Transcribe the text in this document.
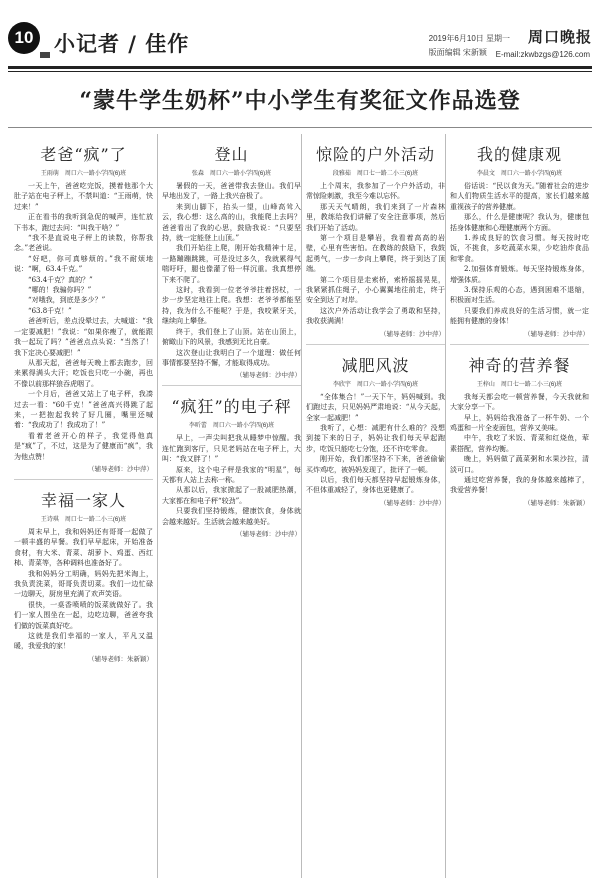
10 小记者 / 佳作	2019年6月10日 星期一
版面编辑 宋新颖
周口晚报
E-mail:zkwbzgs@126.com
“蒙牛学生奶杯”中小学生有奖征文作品选登
老爸“疯”了
王雨萌　周口六一路小学四(6)班

一天上午，爸爸吃完饭，摸着他那个大肚子站在电子秤上，不禁叫道：“王雨萌，快过来！”

正在看书的我听到急促的喊声，连忙放下书本，跑过去问：“叫我干啥？”

“我不是直说电子秤上的读数，你帮我念。”老爸说。

“好吧，你可真够烦的。”我不耐烦地说：“啊，63.4千克。”

“63.4千克？真的？”

“哪的！我骗你吗？”

“对哦我，到底是多少？”

“63.8千克！”

爸爸听后，差点没晕过去，大喊道：“我一定要减肥！”我说：“如果你瘦了，就能跟我一起玩了吗？”爸爸点点头说：“当然了！我下定决心要减肥！”

从那天起，爸爸每天晚上都去跑步，回来累得满头大汗；吃饭也只吃一小碗，再也不像以前那样狼吞虎咽了。

一个月后，爸爸又站上了电子秤，我凑过去一看：“60千克！”爸爸高兴得跳了起来，一把抱起我转了好几圈，嘴里还喊着：“我成功了！我成功了！”

看着老爸开心的样子，我觉得他真是“疯”了，不过，这是为了健康而“疯”，我为他点赞！

（辅导老师：沙中萍）
幸福一家人
王诗琪　周口七一路二小三(6)班

周末早上，我和妈妈还有哥哥一起做了一顿丰盛的早餐。我们早早起床，开始准备食材，有大米、青菜、胡萝卜、鸡蛋、西红柿、青菜等，各种调料也准备好了。

我和妈妈分工明确，妈妈先把米淘上，我负责洗菜，哥哥负责切菜。我们一边忙碌一边聊天，厨房里充满了欢声笑语。

很快，一桌香喷喷的饭菜就做好了。我们一家人围坐在一起，边吃边聊，爸爸夸我们做的饭菜真好吃。

这就是我们幸福的一家人，平凡又温暖，我爱我的家！

（辅导老师：朱新颖）
登山
张森　周口六一路小学四(6)班

暑假的一天，爸爸带我去登山。我们早早地出发了，一路上我兴奋极了。

来到山脚下，抬头一望，山峰高耸入云，我心想：这么高的山，我能爬上去吗？爸爸看出了我的心思，鼓励我说：“只要坚持，就一定能登上山顶。”

我们开始往上爬，刚开始我精神十足，一路蹦蹦跳跳，可是没过多久，我就累得气喘吁吁，腿也像灌了铅一样沉重。我真想停下来不爬了。

这时，我看到一位老爷爷拄着拐杖，一步一步坚定地往上爬。我想：老爷爷都能坚持，我为什么不能呢？于是，我咬紧牙关，继续向上攀登。

终于，我们登上了山顶。站在山顶上，俯瞰山下的风景，我感到无比自豪。

这次登山让我明白了一个道理：做任何事情都要坚持不懈，才能取得成功。

（辅导老师：沙中萍）
“疯狂”的电子秤
李昕蕾　周口六一路小学四(6)班

早上，一声尖叫把我从睡梦中惊醒。我连忙跑到客厅，只见老妈站在电子秤上，大叫：“我又胖了！”

原来，这个电子秤是我家的“明星”，每天都有人站上去称一称。

从那以后，我家掀起了一股减肥热潮，大家都在和电子秤“较劲”。

只要我们坚持锻炼，健康饮食，身体就会越来越好。生活就会越来越美好。

（辅导老师：沙中萍）
惊险的户外活动
段雅茹　周口七一路二小三(6)班

上个周末，我参加了一个户外活动，非常惊险刺激，我至今难以忘怀。

那天天气晴朗，我们来到了一片森林里，教练给我们讲解了安全注意事项，然后我们开始了活动。

第一个项目是攀岩，我看着高高的岩壁，心里有些害怕。在教练的鼓励下，我鼓起勇气，一步一步向上攀爬，终于到达了顶端。

第二个项目是走索桥，索桥摇摇晃晃，我紧紧抓住绳子，小心翼翼地往前走，终于安全到达了对岸。

这次户外活动让我学会了勇敢和坚持，我收获满满！

（辅导老师：沙中萍）
减肥风波
李欣宇　周口六一路小学四(6)班

“全体集合！”一天下午，妈妈喊到。我们跑过去，只见妈妈严肃地说：“从今天起，全家一起减肥！”

我听了，心想：减肥有什么难的？没想到接下来的日子，妈妈让我们每天早起跑步，吃饭只能吃七分饱，还不许吃零食。

刚开始，我们都坚持不下来，爸爸偷偷买炸鸡吃，被妈妈发现了，批评了一顿。

以后，我们每天都坚持早起锻炼身体，不但体重减轻了，身体也更健康了。

（辅导老师：沙中萍）
我的健康观
李晨文　周口六一路小学四(6)班

俗话说：“民以食为天。”随着社会的进步和人们物质生活水平的提高，家长们越来越重视孩子的营养健康。

那么，什么是健康呢？我认为，健康包括身体健康和心理健康两个方面。

1.养成良好的饮食习惯。每天按时吃饭，不挑食，多吃蔬菜水果，少吃油炸食品和零食。

2.加强体育锻炼。每天坚持锻炼身体，增强体质。

3.保持乐观的心态，遇到困难不退缩，积极面对生活。

只要我们养成良好的生活习惯，就一定能拥有健康的身体！

（辅导老师：沙中萍）
神奇的营养餐
王梓山　周口七一路二小三(6)班

我每天都会吃一顿营养餐，今天我就和大家分享一下。

早上，妈妈给我准备了一杯牛奶、一个鸡蛋和一片全麦面包，营养又美味。

中午，我吃了米饭、青菜和红烧鱼，荤素搭配，营养均衡。

晚上，妈妈做了蔬菜粥和水果沙拉，清淡可口。

通过吃营养餐，我的身体越来越棒了，我爱营养餐！

（辅导老师：朱新颖）
